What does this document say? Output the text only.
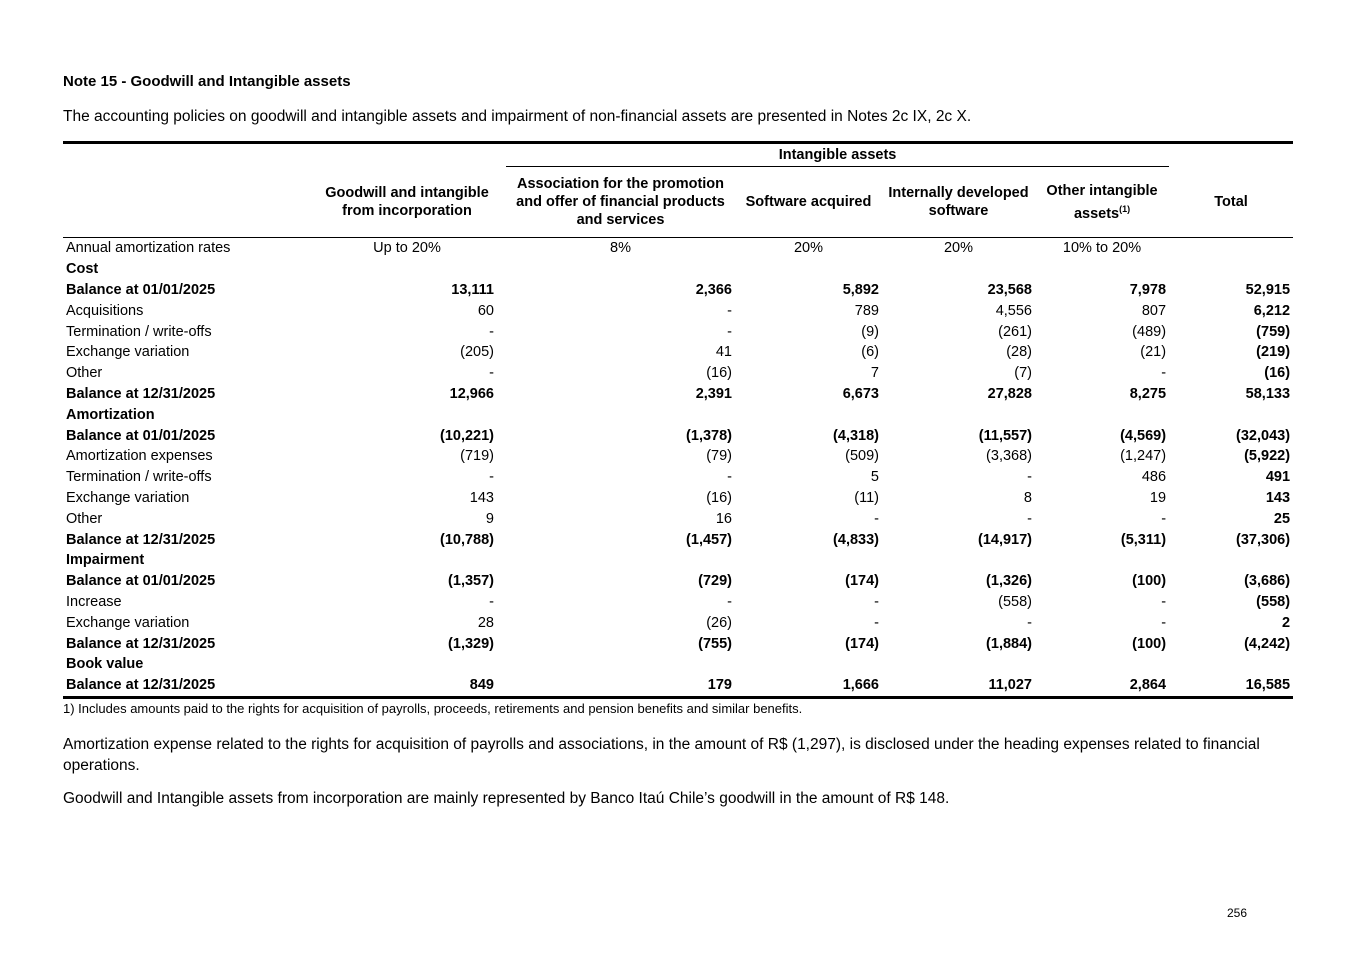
Note 15 - Goodwill and Intangible assets
The accounting policies on goodwill and intangible assets and impairment of non-financial assets are presented in Notes 2c IX, 2c X.
		Intangible assets				
	Goodwill and intangible from incorporation	Association for the promotion and offer of financial products and services	Software acquired	Internally developed software	Other intangible assets$^{(1)}$	Total
Annual amortization rates	Up to 20%	8%	20%	20%	10% to 20%	
Cost						
Balance at 01/01/2025	13,111	2,366	5,892	23,568	7,978	52,915
Acquisitions	60	-	789	4,556	807	6,212
Termination / write-offs	-	-	(9)	(261)	(489)	(759)
Exchange variation	(205)	41	(6)	(28)	(21)	(219)
Other	-	(16)	7	(7)	-	(16)
Balance at 12/31/2025	12,966	2,391	6,673	27,828	8,275	58,133
Amortization						
Balance at 01/01/2025	(10,221)	(1,378)	(4,318)	(11,557)	(4,569)	(32,043)
Amortization expenses	(719)	(79)	(509)	(3,368)	(1,247)	(5,922)
Termination / write-offs	-	-	5	-	486	491
Exchange variation	143	(16)	(11)	8	19	143
Other	9	16	-	-	-	25
Balance at 12/31/2025	(10,788)	(1,457)	(4,833)	(14,917)	(5,311)	(37,306)
Impairment						
Balance at 01/01/2025	(1,357)	(729)	(174)	(1,326)	(100)	(3,686)
Increase	-	-	-	(558)	-	(558)
Exchange variation	28	(26)	-	-	-	2
Balance at 12/31/2025	(1,329)	(755)	(174)	(1,884)	(100)	(4,242)
Book value						
Balance at 12/31/2025	849	179	1,666	11,027	2,864	16,585
1) Includes amounts paid to the rights for acquisition of payrolls, proceeds, retirements and pension benefits and similar benefits.
Amortization expense related to the rights for acquisition of payrolls and associations, in the amount of R$ (1,297), is disclosed under the heading expenses related to financial operations.
Goodwill and Intangible assets from incorporation are mainly represented by Banco Itaú Chile’s goodwill in the amount of R$ 148.
256
